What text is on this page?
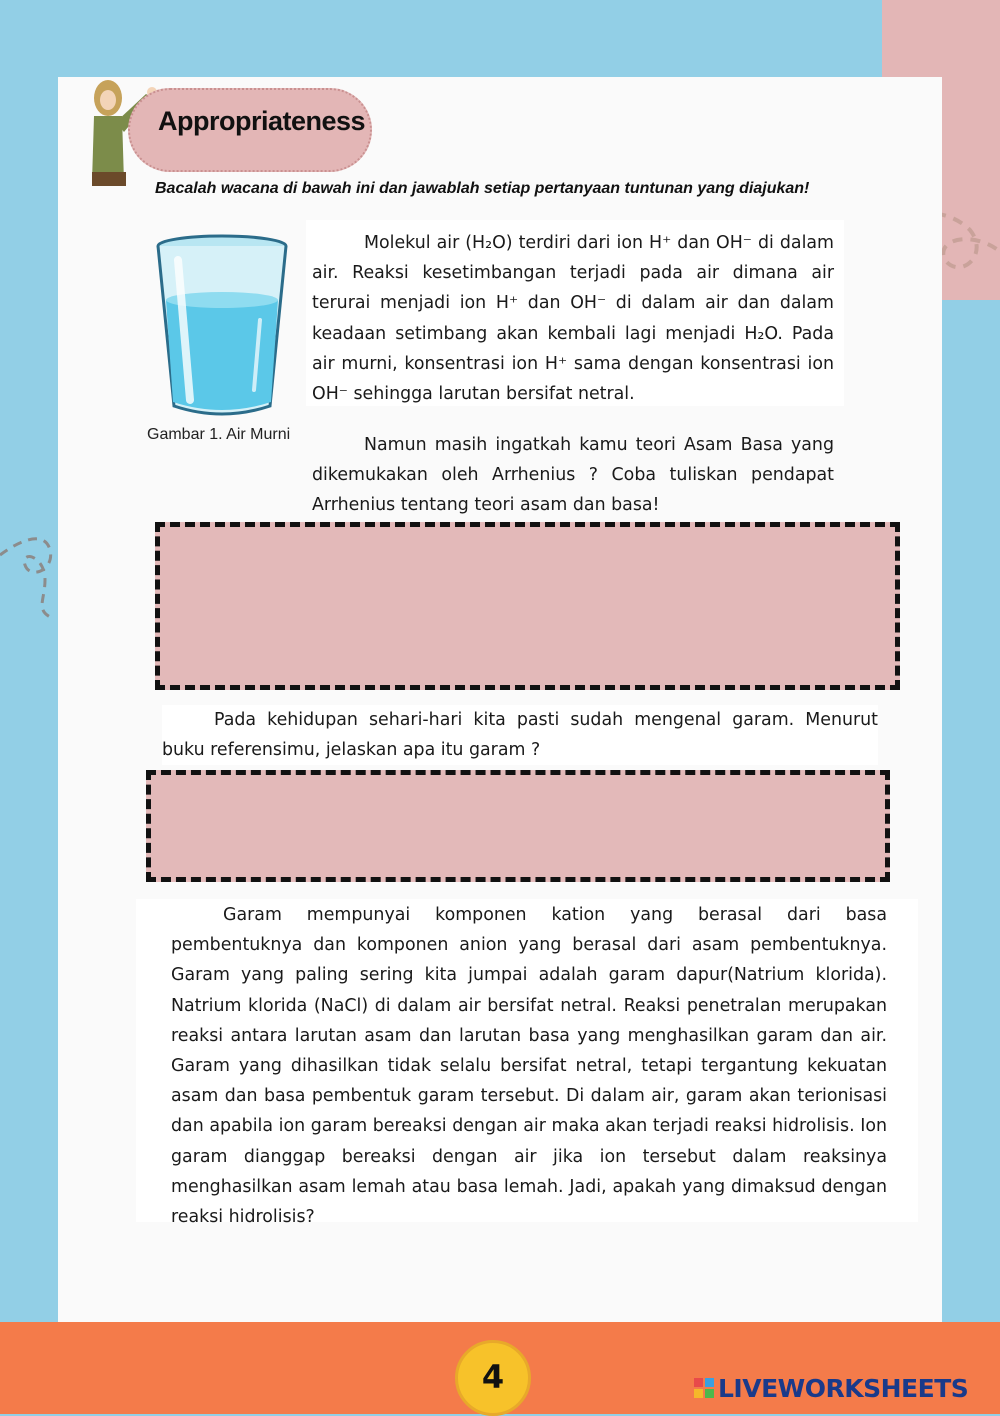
Appropriateness
Bacalah wacana di bawah ini dan jawablah setiap pertanyaan tuntunan yang diajukan!
Gambar 1. Air Murni

Molekul air (H₂O) terdiri dari ion H⁺ dan OH⁻ di dalam air. Reaksi kesetimbangan terjadi pada air dimana air terurai menjadi ion H⁺ dan OH⁻ di dalam air dan dalam keadaan setimbang akan kembali lagi menjadi H₂O. Pada air murni, konsentrasi ion H⁺ sama dengan konsentrasi ion OH⁻ sehingga larutan bersifat netral.

Namun masih ingatkah kamu teori Asam Basa yang dikemukakan oleh Arrhenius ? Coba tuliskan pendapat Arrhenius tentang teori asam dan basa!

Pada kehidupan sehari-hari kita pasti sudah mengenal garam. Menurut buku referensimu, jelaskan apa itu garam ?

Garam mempunyai komponen kation yang berasal dari basa pembentuknya dan komponen anion yang berasal dari asam pembentuknya. Garam yang paling sering kita jumpai adalah garam dapur(Natrium klorida). Natrium klorida (NaCl) di dalam air bersifat netral. Reaksi penetralan merupakan reaksi antara larutan asam dan larutan basa yang menghasilkan garam dan air. Garam yang dihasilkan tidak selalu bersifat netral, tetapi tergantung kekuatan asam dan basa pembentuk garam tersebut. Di dalam air, garam akan terionisasi dan apabila ion garam bereaksi dengan air maka akan terjadi reaksi hidrolisis. Ion garam dianggap bereaksi dengan air jika ion tersebut dalam reaksinya menghasilkan asam lemah atau basa lemah. Jadi, apakah yang dimaksud dengan reaksi hidrolisis?

4	LIVEWORKSHEETS
